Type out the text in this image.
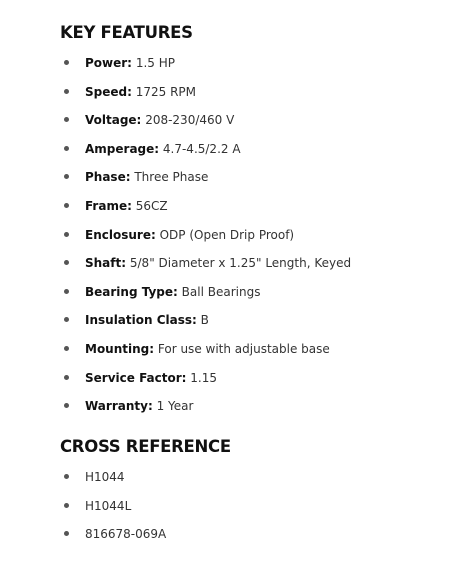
KEY FEATURES
Power: 1.5 HP
Speed: 1725 RPM
Voltage: 208-230/460 V
Amperage: 4.7-4.5/2.2 A
Phase: Three Phase
Frame: 56CZ
Enclosure: ODP (Open Drip Proof)
Shaft: 5/8" Diameter x 1.25" Length, Keyed
Bearing Type: Ball Bearings
Insulation Class: B
Mounting: For use with adjustable base
Service Factor: 1.15
Warranty: 1 Year
CROSS REFERENCE
H1044
H1044L
816678-069A
